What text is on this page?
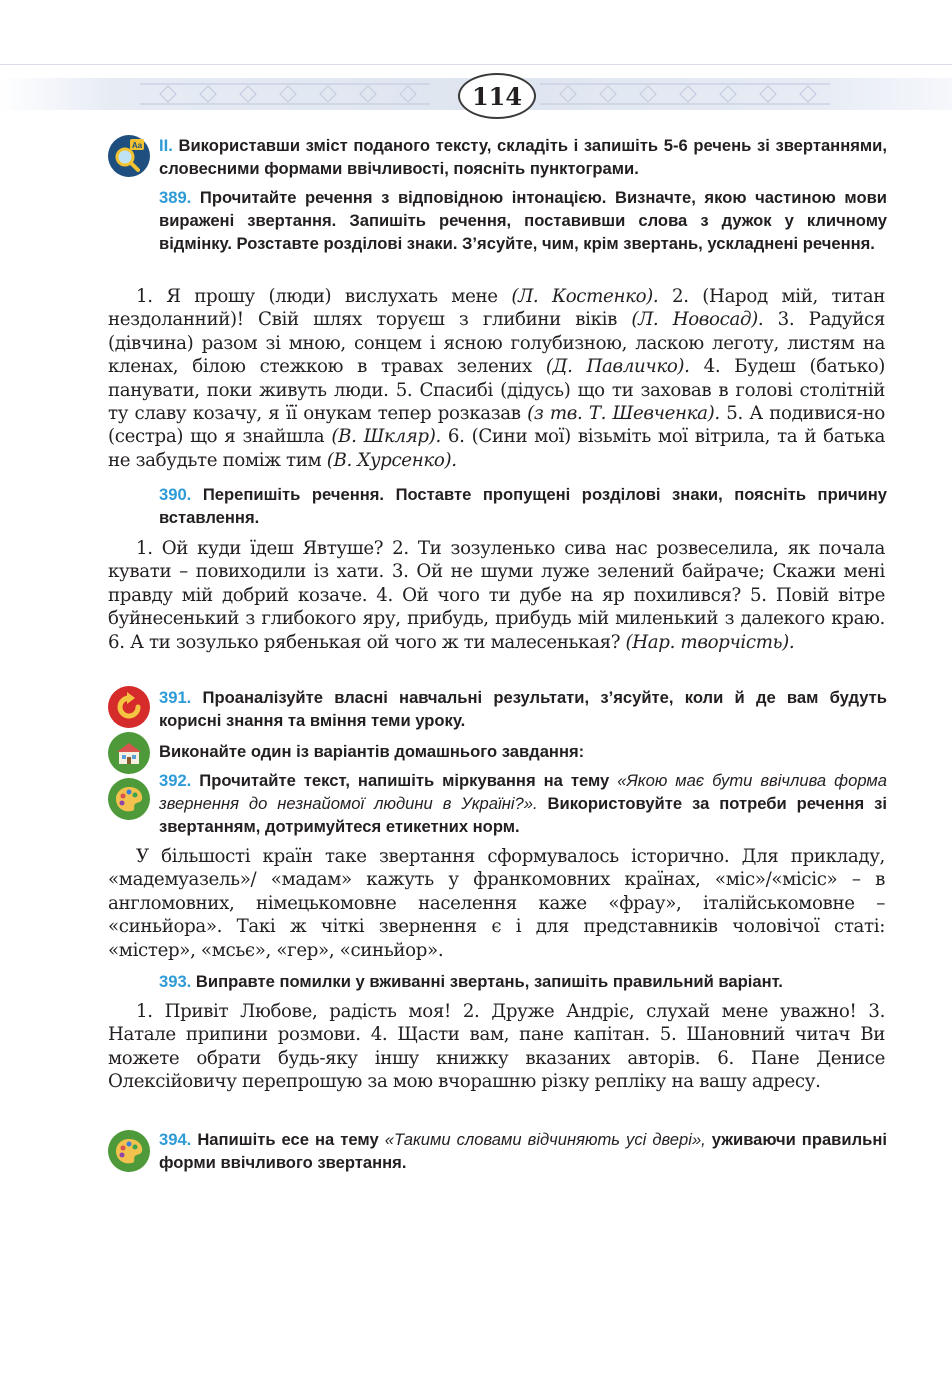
114
Aa ІІ. Використавши зміст поданого тексту, складіть і запишіть 5-6 речень зі звертаннями, словесними формами ввічливості, поясніть пунктограми.
389. Прочитайте речення з відповідною інтонацією. Визначте, якою частиною мови виражені звертання. Запишіть речення, поставивши слова з дужок у кличному відмінку. Розставте розділові знаки. З’ясуйте, чим, крім звертань, ускладнені речення.
1. Я прошу (люди) вислухать мене (Л. Костенко). 2. (Народ мій, титан нездоланний)! Свій шлях торуєш з глибини віків (Л. Новосад). 3. Радуйся (дівчина) разом зі мною, сонцем і ясною голубизною, ласкою леготу, листям на кленах, білою стежкою в травах зелених (Д. Павличко). 4. Будеш (батько) панувати, поки живуть люди. 5. Спасибі (дідусь) що ти заховав в голові столітній ту славу козачу, я її онукам тепер розказав (з тв. Т. Шевченка). 5. А подивися-но (сестра) що я знайшла (В. Шкляр). 6. (Сини мої) візьміть мої вітрила, та й батька не забудьте поміж тим (В. Хурсенко).
390. Перепишіть речення. Поставте пропущені розділові знаки, поясніть причину вставлення.
1. Ой куди їдеш Явтуше? 2. Ти зозуленько сива нас розвеселила, як почала кувати – повиходили із хати. 3. Ой не шуми луже зелений байраче; Скажи мені правду мій добрий козаче. 4. Ой чого ти дубе на яр похилився? 5. Повій вітре буйнесенький з глибокого яру, прибудь, прибудь мій миленький з далекого краю. 6. А ти зозулько рябенькая ой чого ж ти малесенькая? (Нар. творчість).
391. Проаналізуйте власні навчальні результати, з’ясуйте, коли й де вам будуть корисні знання та вміння теми уроку.
Виконайте один із варіантів домашнього завдання:
392. Прочитайте текст, напишіть міркування на тему «Якою має бути ввічлива форма звернення до незнайомої людини в Україні?». Використовуйте за потреби речення зі звертанням, дотримуйтеся етикетних норм.
У більшості країн таке звертання сформувалось історично. Для прикладу, «мадемуазель»/ «мадам» кажуть у франкомовних країнах, «міс»/«місіс» – в англомовних, німецькомовне населення каже «фрау», італійськомовне – «синьйора». Такі ж чіткі звернення є і для представників чоловічої статі: «містер», «мсьє», «гер», «синьйор».
393. Виправте помилки у вживанні звертань, запишіть правильний варіант.
1. Привіт Любове, радість моя! 2. Друже Андріє, слухай мене уважно! 3. Натале припини розмови. 4. Щасти вам, пане капітан. 5. Шановний читач Ви можете обрати будь-яку іншу книжку вказаних авторів. 6. Пане Денисе Олексійовичу перепрошую за мою вчорашню різку репліку на вашу адресу.
394. Напишіть есе на тему «Такими словами відчиняють усі двері», уживаючи правильні форми ввічливого звертання.
